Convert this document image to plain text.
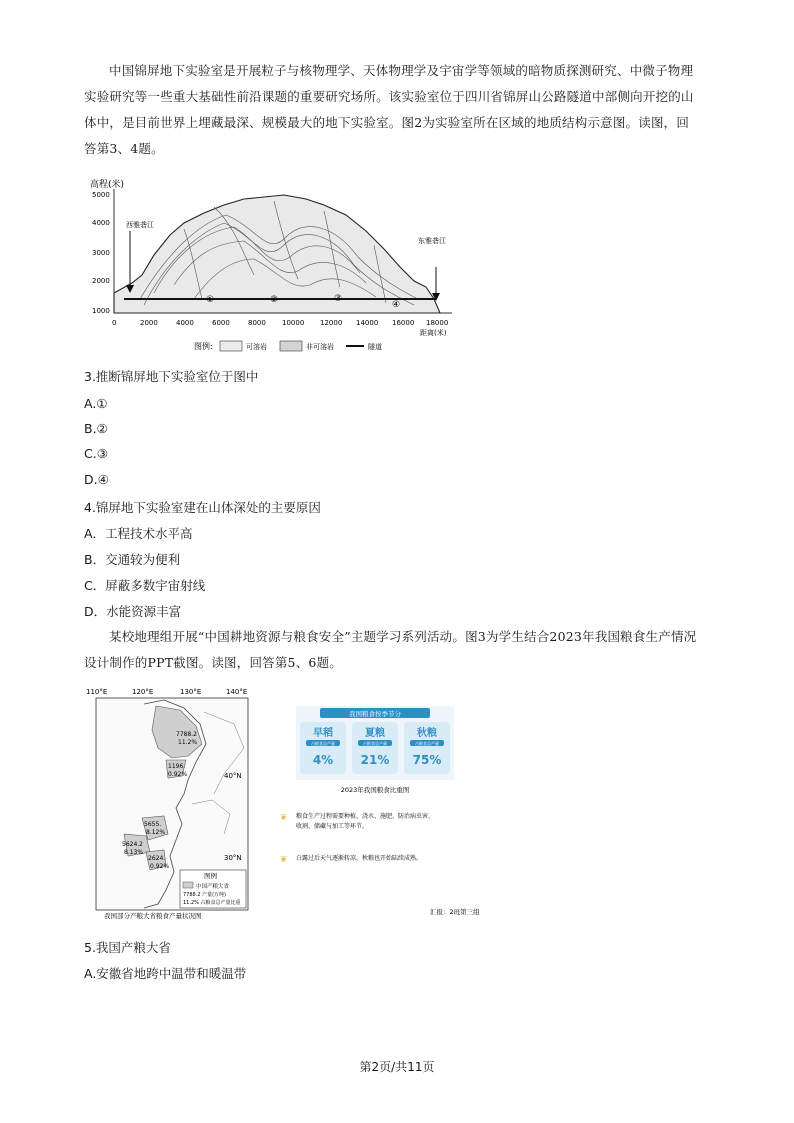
中国锦屏地下实验室是开展粒子与核物理学、天体物理学及宇宙学等领域的暗物质探测研究、中微子物理实验研究等一些重大基础性前沿课题的重要研究场所。该实验室位于四川省锦屏山公路隧道中部侧向开挖的山体中，是目前世界上埋藏最深、规模最大的地下实验室。图2为实验室所在区域的地质结构示意图。读图，回答第3、4题。

高程(米)
5000
4000
3000
2000
1000
西雅砻江
东雅砻江
①	②	③
④
0	2000	4000	6000	8000 10000 12000 14000 16000 18000
距离(米)
图例:	可溶岩	非可溶岩	隧道

3.推断锦屏地下实验室位于图中

A.①

B.②

C.③

D.④

4.锦屏地下实验室建在山体深处的主要原因

A．工程技术水平高

B．交通较为便利

C．屏蔽多数宇宙射线

D．水能资源丰富

某校地理组开展“中国耕地资源与粮食安全”主题学习系列活动。图3为学生结合2023年我国粮食生产情况设计制作的PPT截图。读图，回答第5、6题。

110°E	120°E	130°E	140°E
40°N
30°N
7788.2
11.2%
1196.
0.92%
5655.
8.12%
5624.2
8.13%
2624.
0.92%
图例
中国产粮大省
7788.2 产量(万吨)
11.2% 占粮食总产量比重
我国部分产粮大省粮食产量状况图
我国粮食按季节分
早稻
占粮食总产量
4%
夏粮
占粮食总产量
21%
秋粮
占粮食总产量
75%
2023年我国粮食比重图
❦ 粮食生产过程需要种植、浇水、施肥、防治病虫害、
收割、储藏与加工等环节。
❦ 白露过后天气逐渐转凉，秋粮也开始陆续成熟。
汇报：2班第三组

5.我国产粮大省

A.安徽省地跨中温带和暖温带

第2页/共11页
